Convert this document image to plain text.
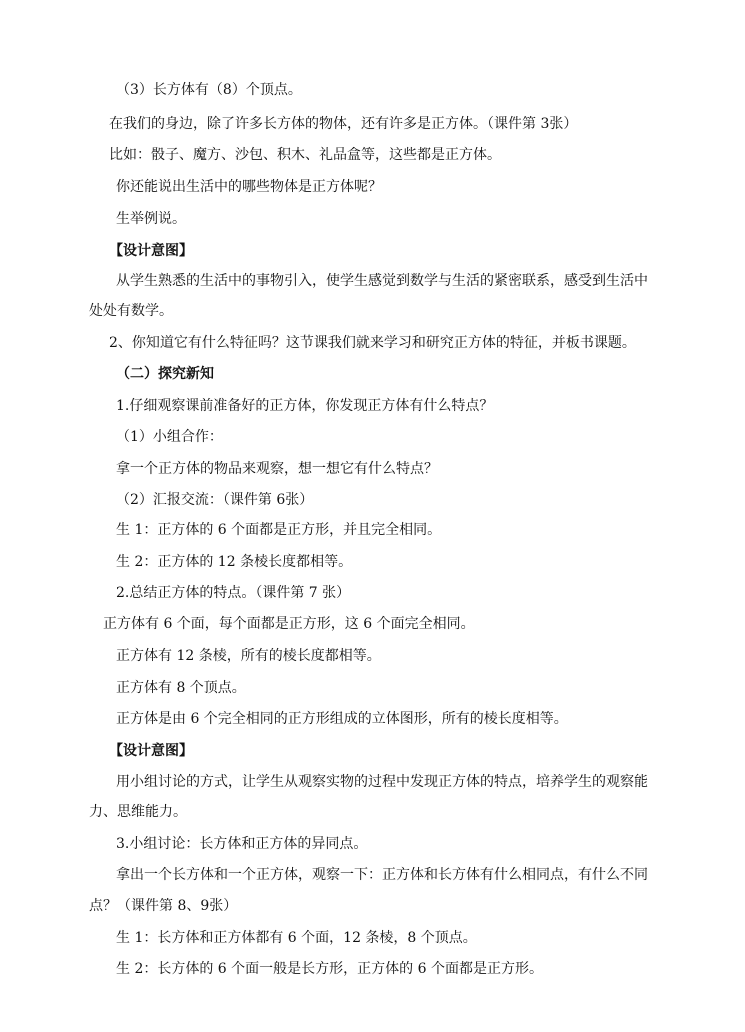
（3）长方体有（8）个顶点。
在我们的身边，除了许多长方体的物体，还有许多是正方体。（课件第 3张）
比如：骰子、魔方、沙包、积木、礼品盒等，这些都是正方体。
你还能说出生活中的哪些物体是正方体呢？
生举例说。
【设计意图】
从学生熟悉的生活中的事物引入，使学生感觉到数学与生活的紧密联系，感受到生活中
处处有数学。
2、你知道它有什么特征吗？这节课我们就来学习和研究正方体的特征，并板书课题。
（二）探究新知
1.仔细观察课前准备好的正方体，你发现正方体有什么特点？
（1）小组合作：
拿一个正方体的物品来观察，想一想它有什么特点？
（2）汇报交流：（课件第 6张）
生 1：正方体的 6 个面都是正方形，并且完全相同。
生 2：正方体的 12 条棱长度都相等。
2.总结正方体的特点。（课件第 7 张）
正方体有 6 个面，每个面都是正方形，这 6 个面完全相同。
正方体有 12 条棱，所有的棱长度都相等。
正方体有 8 个顶点。
正方体是由 6 个完全相同的正方形组成的立体图形，所有的棱长度相等。
【设计意图】
用小组讨论的方式，让学生从观察实物的过程中发现正方体的特点，培养学生的观察能
力、思维能力。
3.小组讨论：长方体和正方体的异同点。
拿出一个长方体和一个正方体，观察一下：正方体和长方体有什么相同点，有什么不同
点？（课件第 8、9张）
生 1：长方体和正方体都有 6 个面，12 条棱，8 个顶点。
生 2：长方体的 6 个面一般是长方形，正方体的 6 个面都是正方形。
